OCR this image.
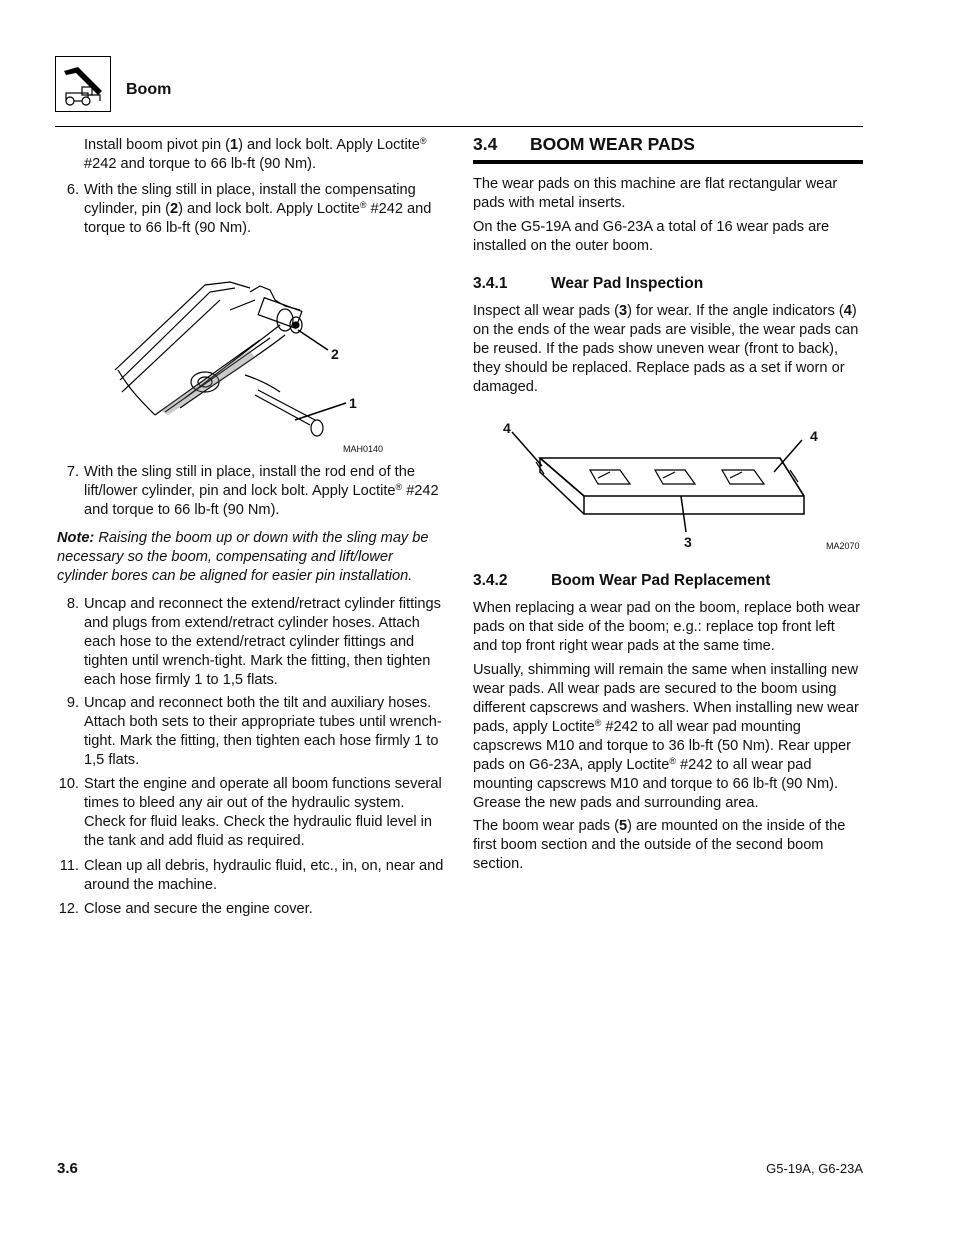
Boom
Install boom pivot pin (1) and lock bolt. Apply Loctite® #242 and torque to 66 lb-ft (90 Nm).
6. With the sling still in place, install the compensating cylinder, pin (2) and lock bolt. Apply Loctite® #242 and torque to 66 lb-ft (90 Nm).
2
1
MAH0140
7. With the sling still in place, install the rod end of the lift/lower cylinder, pin and lock bolt. Apply Loctite® #242 and torque to 66 lb-ft (90 Nm).
Note: Raising the boom up or down with the sling may be necessary so the boom, compensating and lift/lower cylinder bores can be aligned for easier pin installation.
8. Uncap and reconnect the extend/retract cylinder fittings and plugs from extend/retract cylinder hoses. Attach each hose to the extend/retract cylinder fittings and tighten until wrench-tight. Mark the fitting, then tighten each hose firmly 1 to 1,5 flats.
9. Uncap and reconnect both the tilt and auxiliary hoses. Attach both sets to their appropriate tubes until wrench-tight. Mark the fitting, then tighten each hose firmly 1 to 1,5 flats.
10. Start the engine and operate all boom functions several times to bleed any air out of the hydraulic system. Check for fluid leaks. Check the hydraulic fluid level in the tank and add fluid as required.
11. Clean up all debris, hydraulic fluid, etc., in, on, near and around the machine.
12. Close and secure the engine cover.
3.4 BOOM WEAR PADS
The wear pads on this machine are flat rectangular wear pads with metal inserts.
On the G5-19A and G6-23A a total of 16 wear pads are installed on the outer boom.
3.4.1	Wear Pad Inspection
Inspect all wear pads (3) for wear. If the angle indicators (4) on the ends of the wear pads are visible, the wear pads can be reused. If the pads show uneven wear (front to back), they should be replaced. Replace pads as a set if worn or damaged.
4	4
3	MA2070
3.4.2	Boom Wear Pad Replacement
When replacing a wear pad on the boom, replace both wear pads on that side of the boom; e.g.: replace top front left and top front right wear pads at the same time.
Usually, shimming will remain the same when installing new wear pads. All wear pads are secured to the boom using different capscrews and washers. When installing new wear pads, apply Loctite® #242 to all wear pad mounting capscrews M10 and torque to 36 lb-ft (50 Nm). Rear upper pads on G6-23A, apply Loctite® #242 to all wear pad mounting capscrews M10 and torque to 66 lb-ft (90 Nm). Grease the new pads and surrounding area.
The boom wear pads (5) are mounted on the inside of the first boom section and the outside of the second boom section.
3.6	G5-19A, G6-23A
